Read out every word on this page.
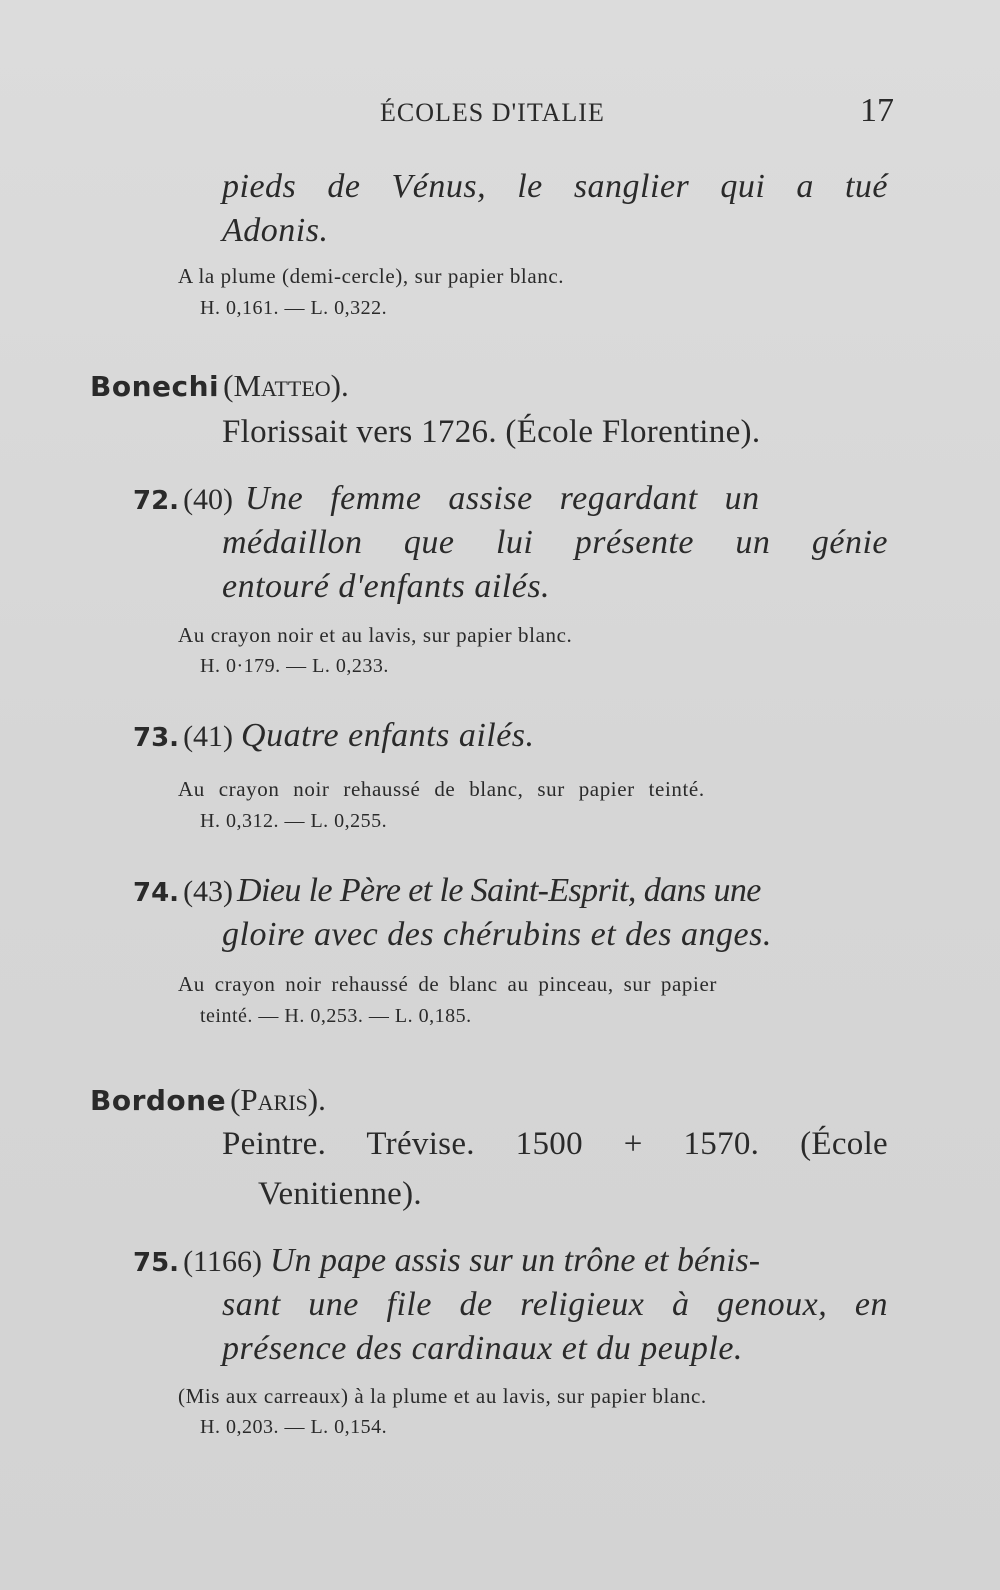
ÉCOLES D'ITALIE	17
pieds de Vénus, le sanglier qui a tué
Adonis.
A la plume (demi-cercle), sur papier blanc.
H. 0,161. — L. 0,322.
Bonechi (Matteo).
Florissait vers 1726. (École Florentine).
72. (40) Une femme assise regardant un
médaillon que lui présente un génie
entouré d'enfants ailés.
Au crayon noir et au lavis, sur papier blanc.
H. 0·179. — L. 0,233.
73. (41) Quatre enfants ailés.
Au crayon noir rehaussé de blanc, sur papier teinté.
H. 0,312. — L. 0,255.
74. (43) Dieu le Père et le Saint-Esprit, dans une
gloire avec des chérubins et des anges.
Au crayon noir rehaussé de blanc au pinceau, sur papier
teinté. — H. 0,253. — L. 0,185.
Bordone (Paris).
Peintre. Trévise. 1500 + 1570. (École
Venitienne).
75. (1166) Un pape assis sur un trône et bénis-
sant une file de religieux à genoux, en
présence des cardinaux et du peuple.
(Mis aux carreaux) à la plume et au lavis, sur papier blanc.
H. 0,203. — L. 0,154.
